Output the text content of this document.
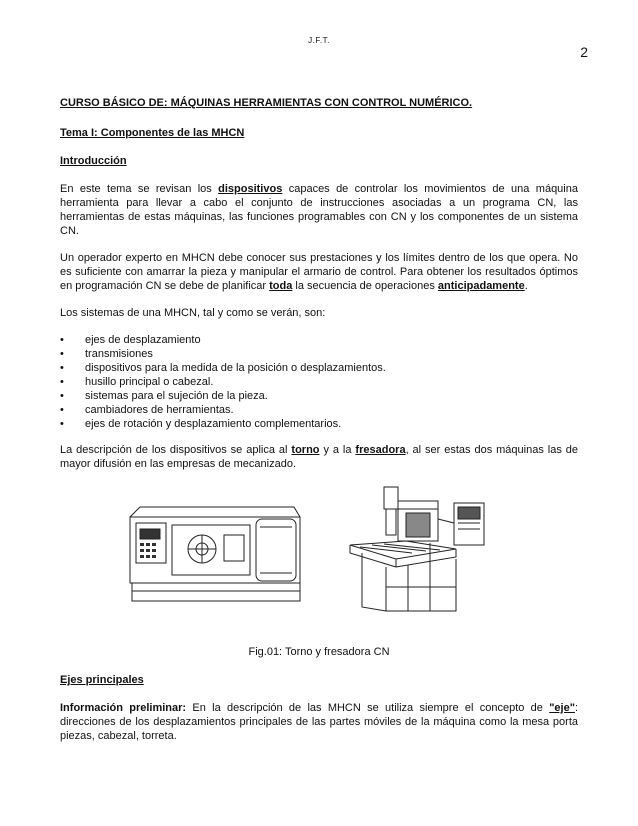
J.F.T.
2

CURSO BÁSICO DE: MÁQUINAS HERRAMIENTAS CON CONTROL NUMÉRICO.

Tema I: Componentes de las MHCN

Introducción

En este tema se revisan los dispositivos capaces de controlar los movimientos de una máquina herramienta para llevar a cabo el conjunto de instrucciones asociadas a un programa CN, las herramientas de estas máquinas, las funciones programables con CN y los componentes de un sistema CN.

Un operador experto en MHCN debe conocer sus prestaciones y los límites dentro de los que opera. No es suficiente con amarrar la pieza y manipular el armario de control. Para obtener los resultados óptimos en programación CN se debe de planificar toda la secuencia de operaciones anticipadamente.

Los sistemas de una MHCN, tal y como se verán, son:

• ejes de desplazamiento
• transmisiones
• dispositivos para la medida de la posición o desplazamientos.
• husillo principal o cabezal.
• sistemas para el sujeción de la pieza.
• cambiadores de herramientas.
• ejes de rotación y desplazamiento complementarios.

La descripción de los dispositivos se aplica al torno y a la fresadora, al ser estas dos máquinas las de mayor difusión en las empresas de mecanizado.

Fig.01: Torno y fresadora CN

Ejes principales

Información preliminar: En la descripción de las MHCN se utiliza siempre el concepto de "eje": direcciones de los desplazamientos principales de las partes móviles de la máquina como la mesa porta piezas, cabezal, torreta.
